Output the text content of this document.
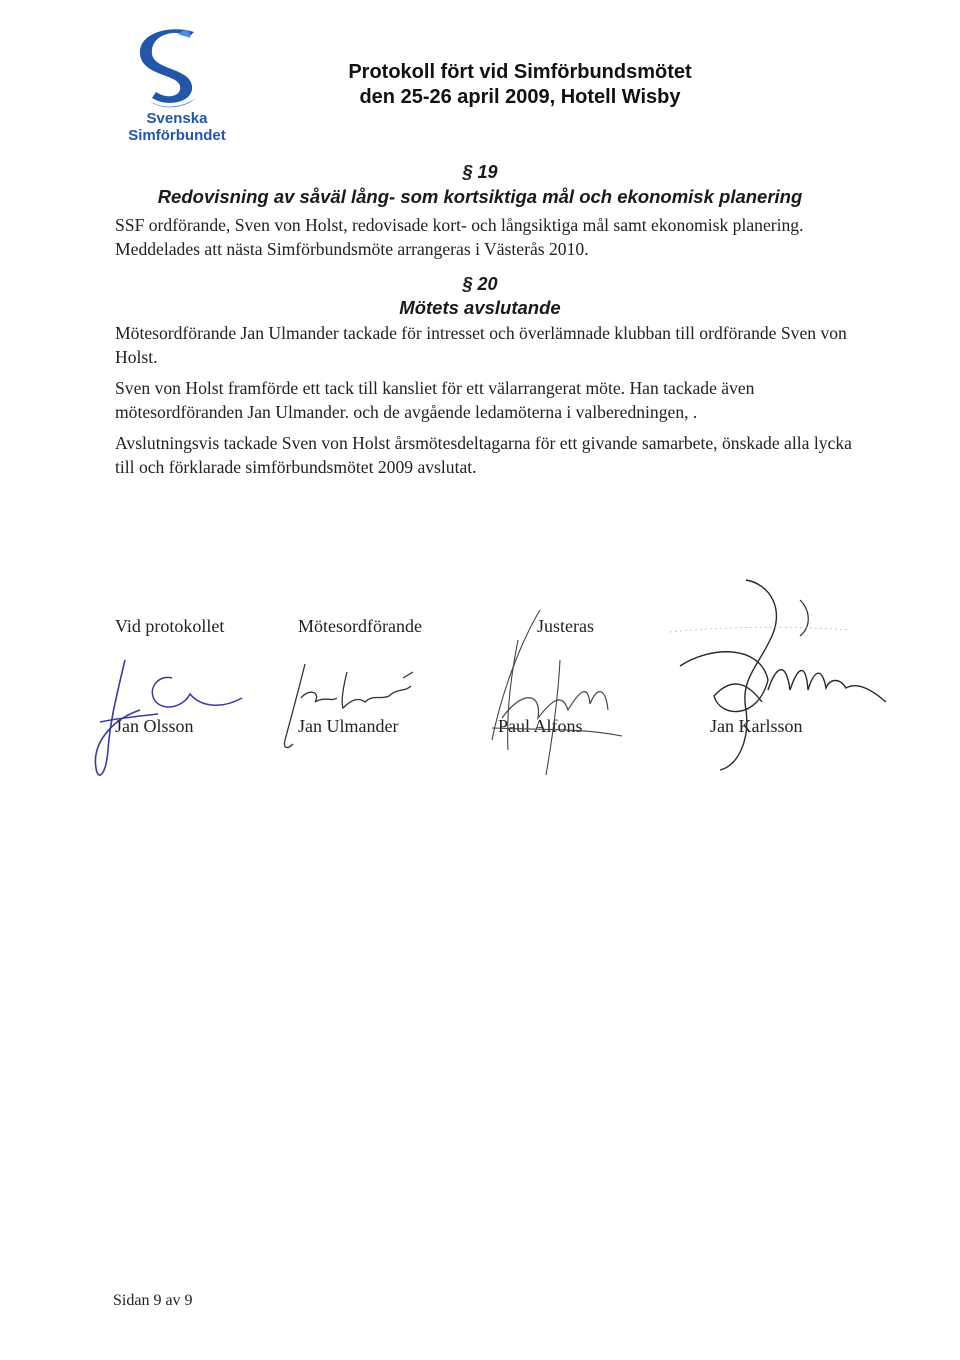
Svenska
Simförbundet
Protokoll fört vid Simförbundsmötet
den 25-26 april 2009, Hotell Wisby
§ 19
Redovisning av såväl lång- som kortsiktiga mål och ekonomisk planering
SSF ordförande, Sven von Holst, redovisade kort- och långsiktiga mål samt ekonomisk planering. Meddelades att nästa Simförbundsmöte arrangeras i Västerås 2010.
§ 20
Mötets avslutande
Mötesordförande Jan Ulmander tackade för intresset och överlämnade klubban till ordförande Sven von Holst.
Sven von Holst framförde ett tack till kansliet för ett välarrangerat möte. Han tackade även mötesordföranden Jan Ulmander. och de avgående ledamöterna i valberedningen, .
Avslutningsvis tackade Sven von Holst årsmötesdeltagarna för ett givande samarbete, önskade alla lycka till och förklarade simförbundsmötet 2009 avslutat.
Vid protokollet	Mötesordförande	Justeras
Jan Olsson	Jan Ulmander	Paul Alfons	Jan Karlsson
Sidan 9 av 9
